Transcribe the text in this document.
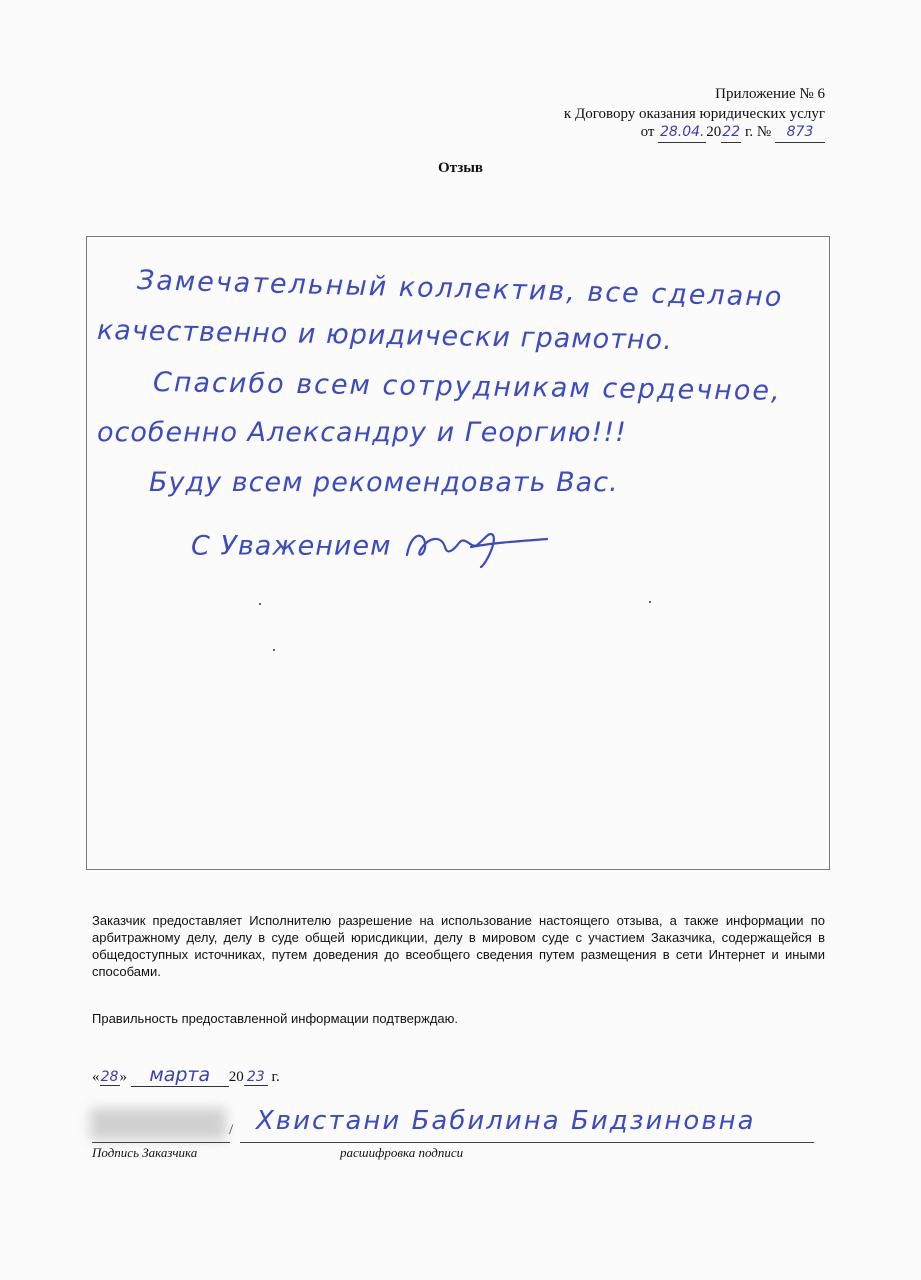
Приложение № 6
к Договору оказания юридических услуг
от 28.04. 2022 г. № 873
Отзыв
Замечательный коллектив, все сделано
качественно и юридически грамотно.
Спасибо всем сотрудникам сердечное,
особенно Александру и Георгию!!!
Буду всем рекомендовать Вас.
С Уважением
Заказчик предоставляет Исполнителю разрешение на использование настоящего отзыва, а также информации по арбитражному делу, делу в суде общей юрисдикции, делу в мировом суде с участием Заказчика, содержащейся в общедоступных источниках, путем доведения до всеобщего сведения путем размещения в сети Интернет и иными способами.
Правильность предоставленной информации подтверждаю.
«28» марта 20 23 г.
/ Хвистани Бабилина Бидзиновна
Подпись Заказчика	расшифровка подписи
